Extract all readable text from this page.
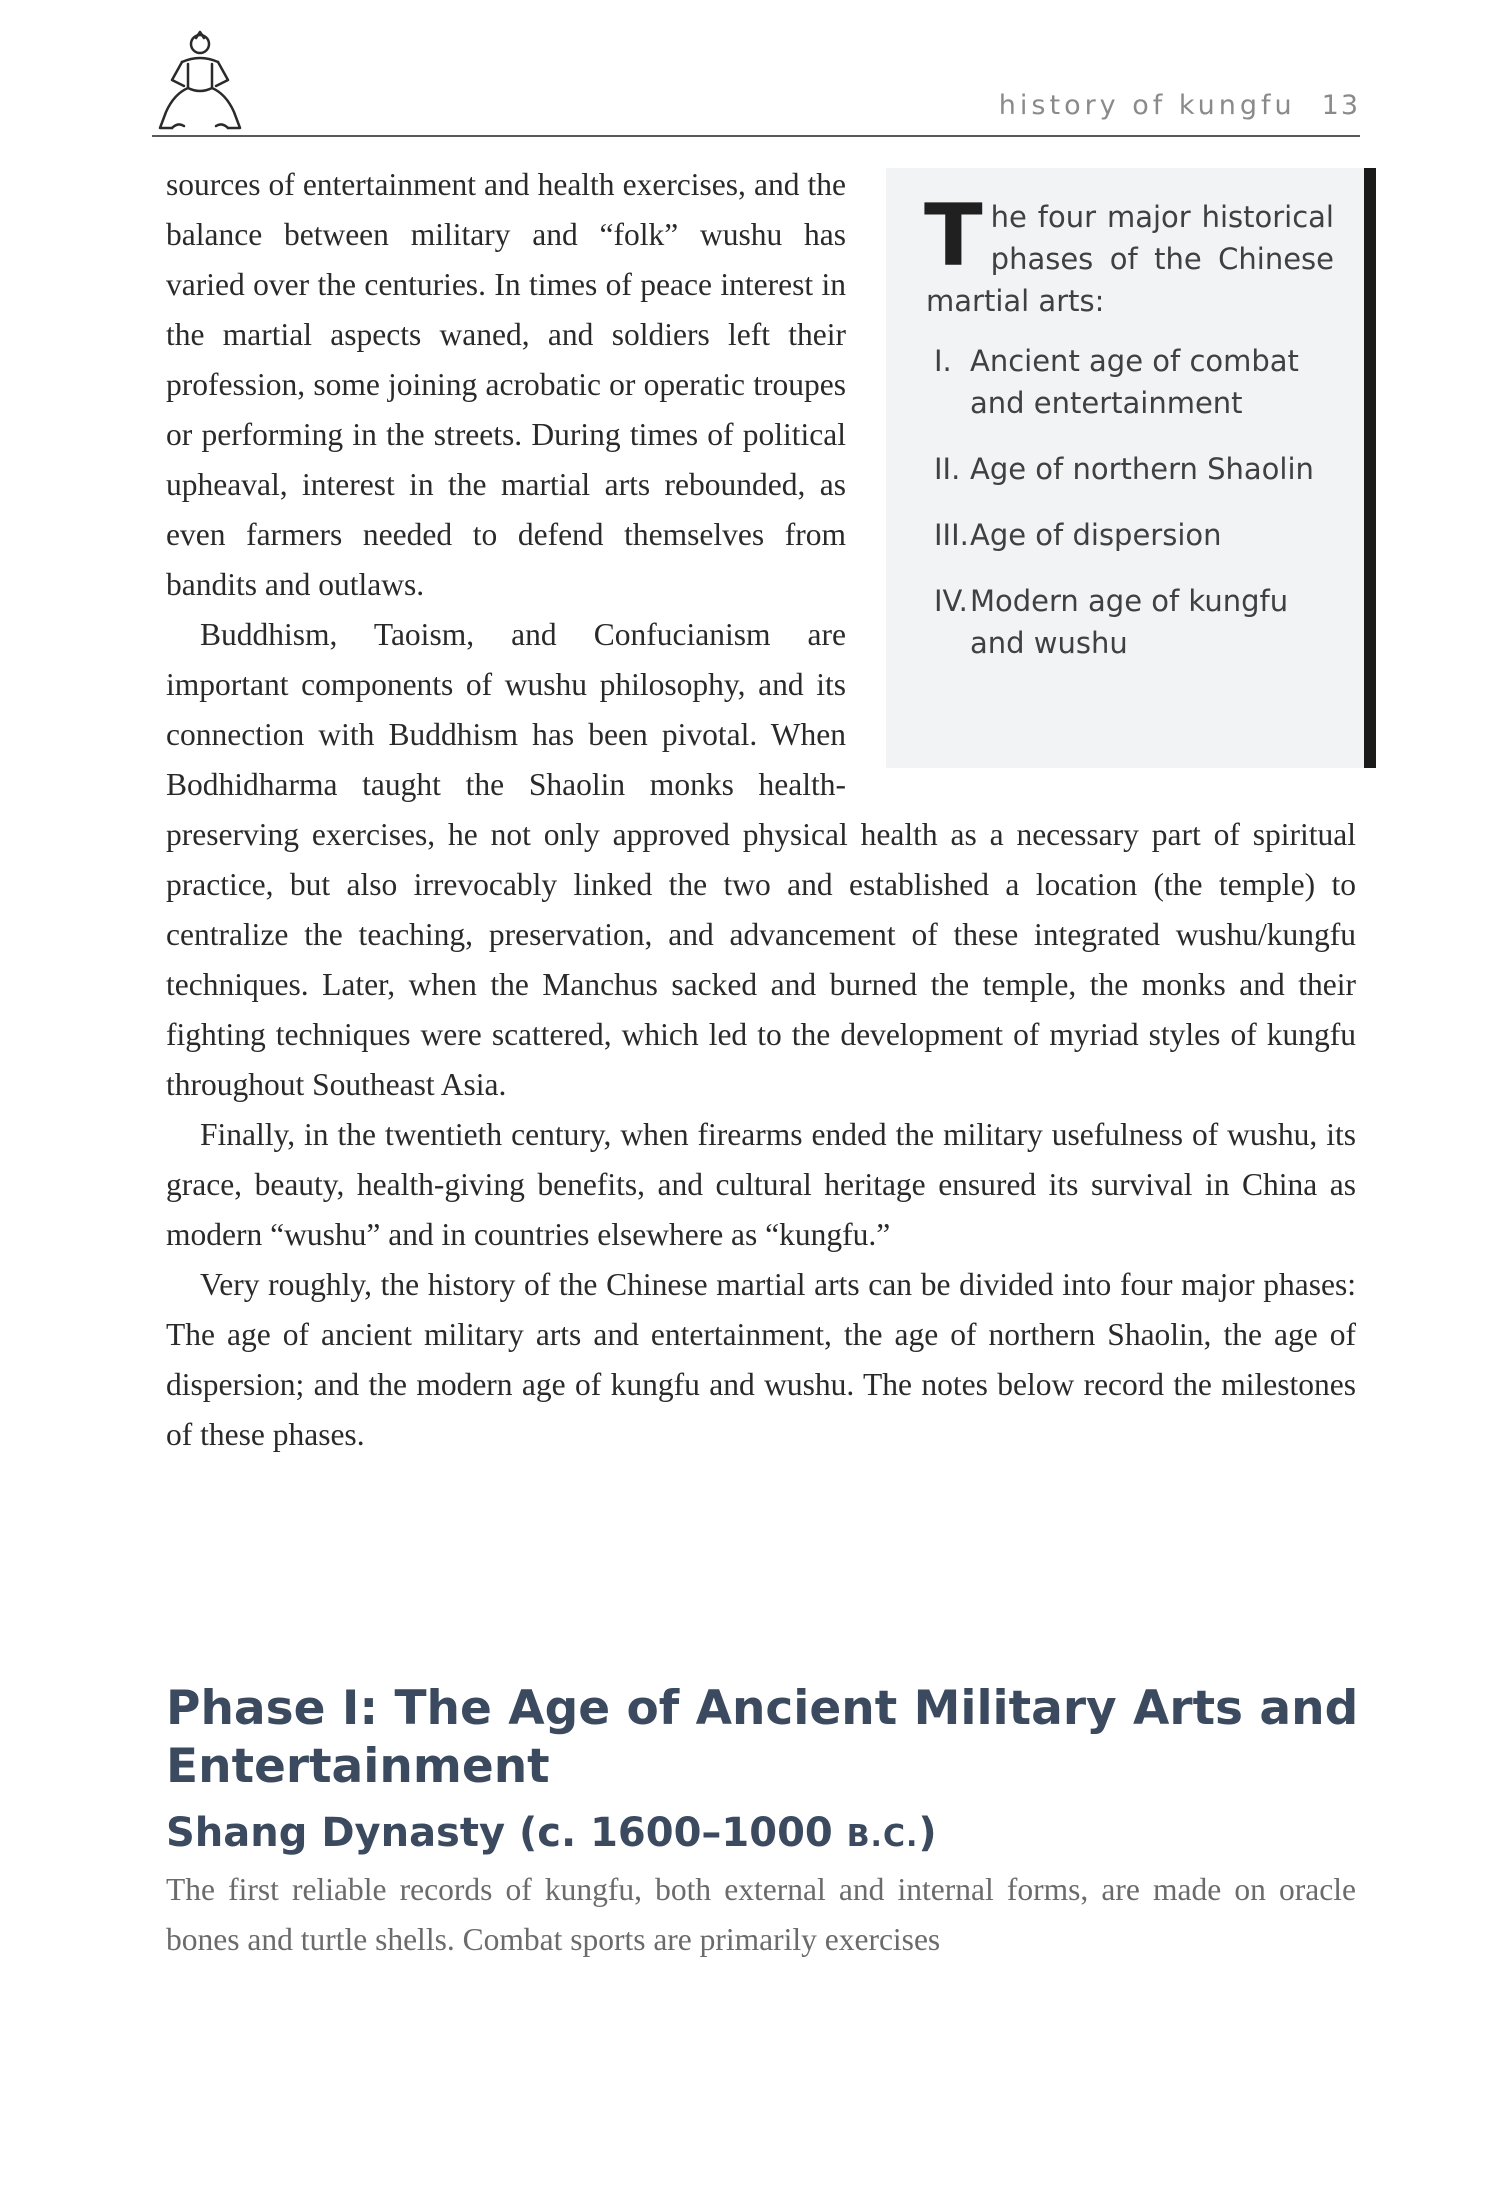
history of kungfu 13

The four major historical phases of the Chinese martial arts:

I. Ancient age of combat and entertainment
II. Age of northern Shaolin
III. Age of dispersion
IV. Modern age of kungfu and wushu

sources of entertainment and health exercises, and the balance between military and “folk” wushu has varied over the centuries. In times of peace interest in the martial aspects waned, and soldiers left their profession, some joining acrobatic or operatic troupes or performing in the streets. During times of political upheaval, interest in the martial arts rebounded, as even farmers needed to defend themselves from bandits and outlaws.

Buddhism, Taoism, and Confucianism are important components of wushu philosophy, and its connection with Buddhism has been pivotal. When Bodhidharma taught the Shaolin monks health-preserving exercises, he not only approved physical health as a necessary part of spiritual practice, but also irrevocably linked the two and established a location (the temple) to centralize the teaching, preservation, and advancement of these integrated wushu/kungfu techniques. Later, when the Manchus sacked and burned the temple, the monks and their fighting techniques were scattered, which led to the development of myriad styles of kungfu throughout Southeast Asia.

Finally, in the twentieth century, when firearms ended the military usefulness of wushu, its grace, beauty, health-giving benefits, and cultural heritage ensured its survival in China as modern “wushu” and in countries elsewhere as “kungfu.”

Very roughly, the history of the Chinese martial arts can be divided into four major phases: The age of ancient military arts and entertainment, the age of northern Shaolin, the age of dispersion; and the modern age of kungfu and wushu. The notes below record the milestones of these phases.

Phase I: The Age of Ancient Military Arts and Entertainment
Shang Dynasty (c. 1600–1000 B.C.)

The first reliable records of kungfu, both external and internal forms, are made on oracle bones and turtle shells. Combat sports are primarily exercises
